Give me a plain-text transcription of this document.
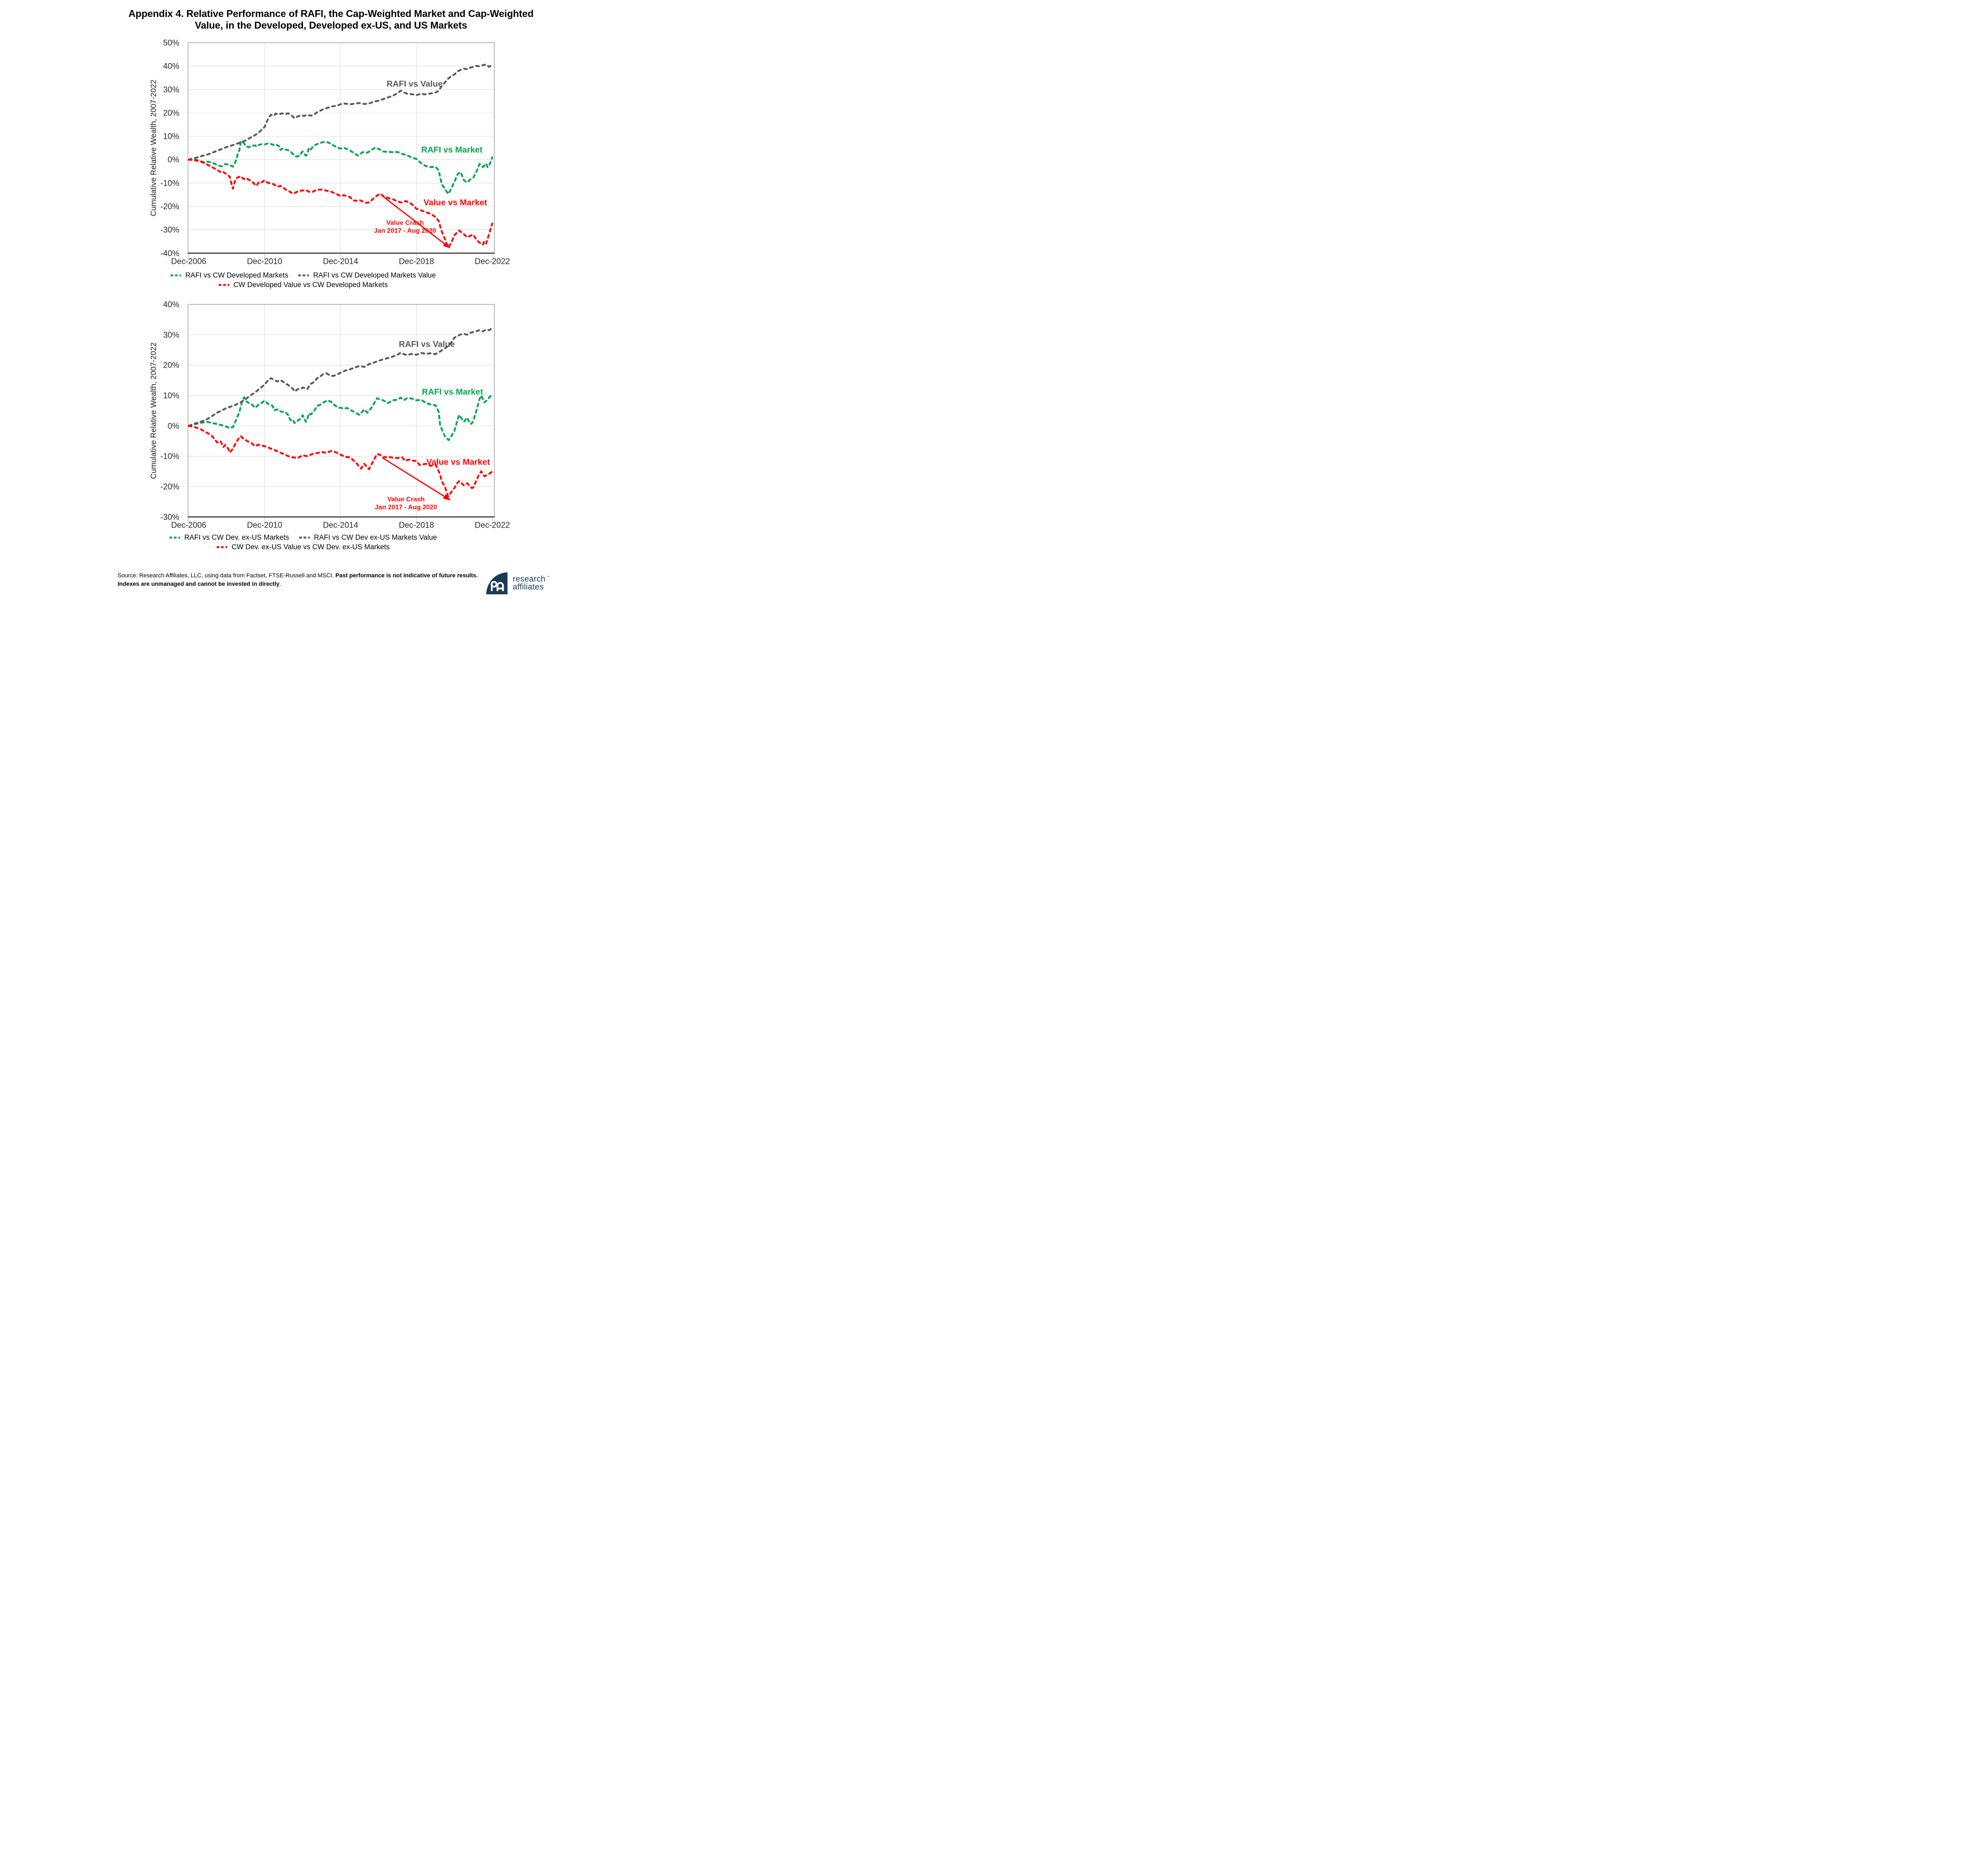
Appendix 4. Relative Performance of RAFI, the Cap-Weighted Market and Cap-Weighted
Value, in the Developed, Developed ex-US, and US Markets
RAFI vs Value
RAFI vs Market
Value vs Market
Value Crash Jan 2017 - Aug 2020
50%
40%
30%
20%
10%
0%
-10%
-20%
-30%
-40%
Dec-2006 Dec-2010 Dec-2014 Dec-2018 Dec-2022
Cumulative Relative Wealth, 2007-2022
RAFI vs CW Developed Markets	RAFI vs CW Developed Markets Value
CW Developed Value vs CW Developed Markets
RAFI vs Value
RAFI vs Market
Value vs Market
Value Crash Jan 2017 - Aug 2020
40%
30%
20%
10%
0%
-10%
-20%
-30%
Dec-2006 Dec-2010 Dec-2014 Dec-2018 Dec-2022
Cumulative Relative Wealth, 2007-2022
RAFI vs CW Dev. ex-US Markets	RAFI vs CW Dev ex-US Markets Value
CW Dev. ex-US Value vs CW Dev. ex-US Markets
Source: Research Affiliates, LLC, using data from Factset, FTSE-Russell and MSCI. Past performance is not indicative of future results. Indexes are unmanaged and cannot be invested in directly.
research
affiliates
™
